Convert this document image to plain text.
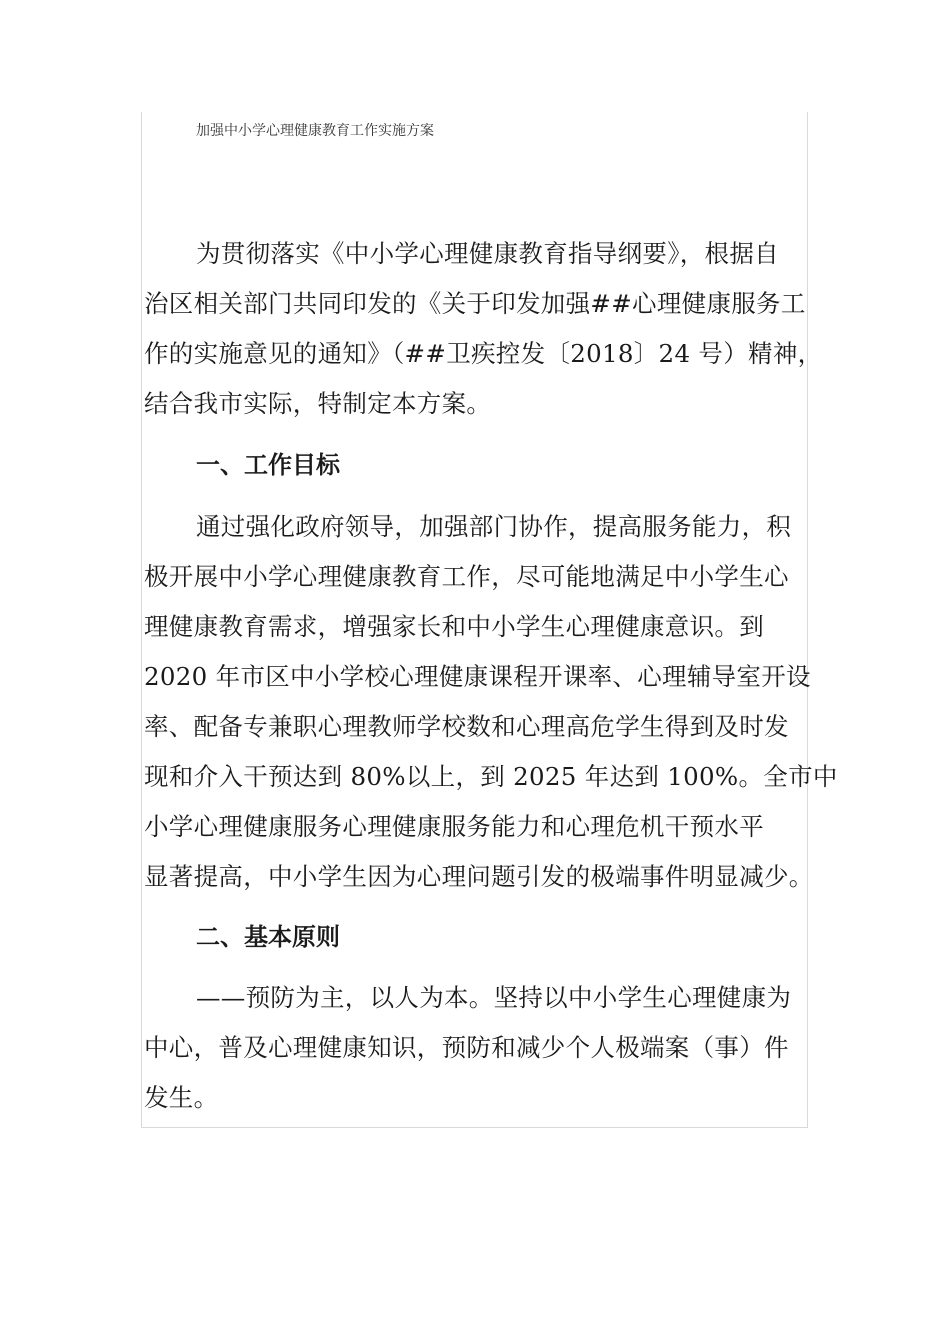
加强中小学心理健康教育工作实施方案
为贯彻落实《中小学心理健康教育指导纲要》，根据自
治区相关部门共同印发的《关于印发加强##心理健康服务工
作的实施意见的通知》（##卫疾控发〔2018〕24 号）精神，
结合我市实际，特制定本方案。
一、工作目标
通过强化政府领导，加强部门协作，提高服务能力，积
极开展中小学心理健康教育工作，尽可能地满足中小学生心
理健康教育需求，增强家长和中小学生心理健康意识。到
2020 年市区中小学校心理健康课程开课率、心理辅导室开设
率、配备专兼职心理教师学校数和心理高危学生得到及时发
现和介入干预达到 80%以上，到 2025 年达到 100%。全市中
小学心理健康服务心理健康服务能力和心理危机干预水平
显著提高，中小学生因为心理问题引发的极端事件明显减少。
二、基本原则
——预防为主，以人为本。坚持以中小学生心理健康为
中心，普及心理健康知识，预防和减少个人极端案（事）件
发生。
